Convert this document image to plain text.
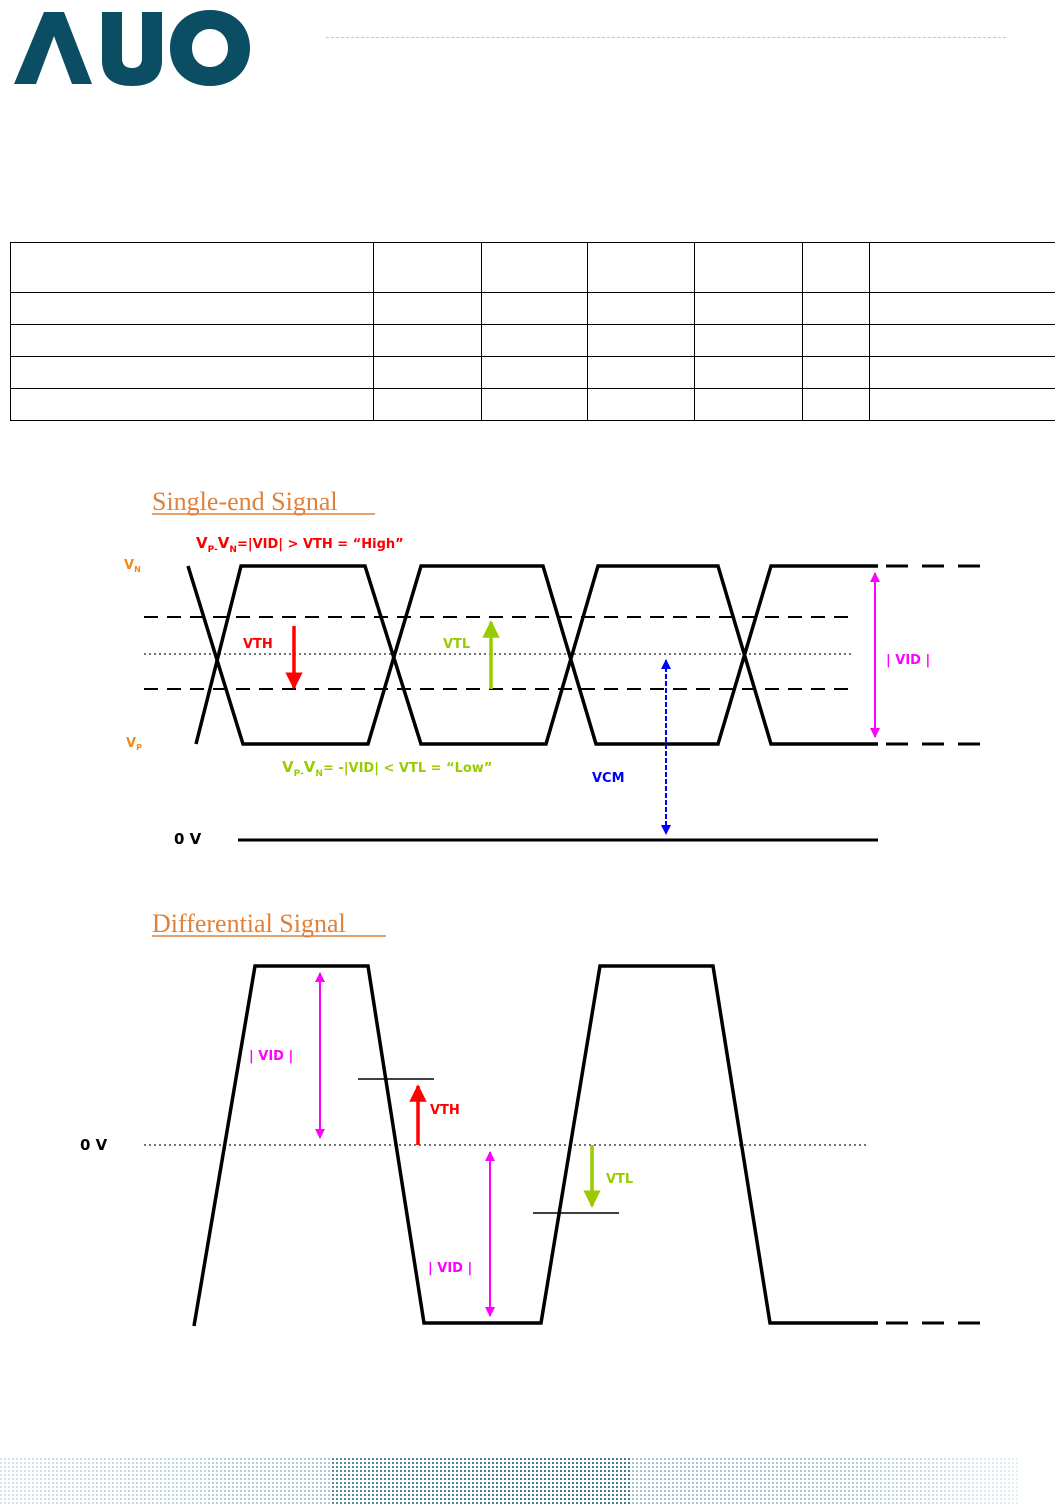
Single-end Signal
$V_{P-}V_N=|VID|$ > VTH = “High”
$V_N$
$V_P$
VTH	VTL
| VID |
VCM
$V_{P-}V_N= -|VID|$ < VTL = “Low”
0 V
Differential Signal
0 V
| VID |
VTH
| VID |
VTL
